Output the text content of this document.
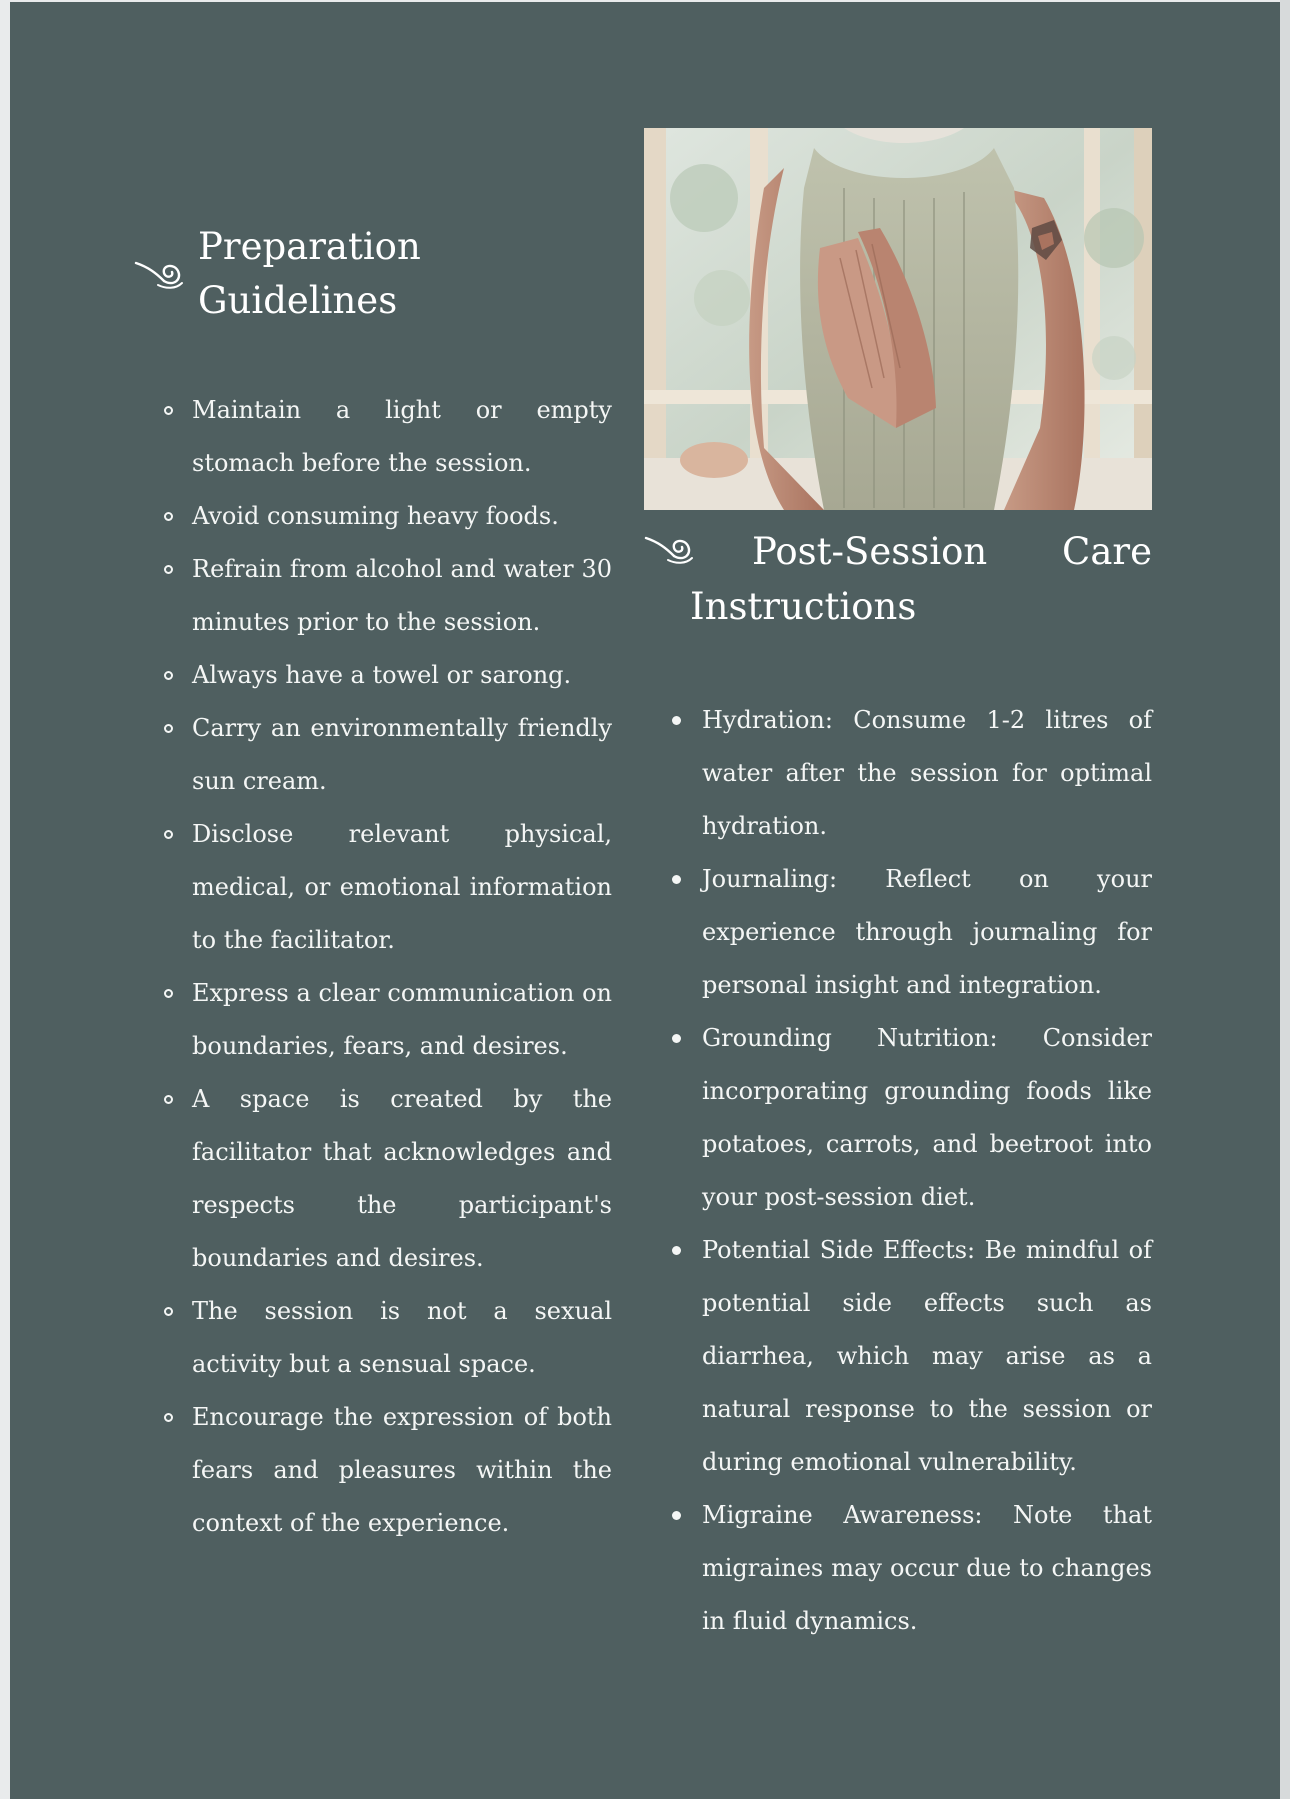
Preparation Guidelines
Maintain a light or empty stomach before the session.
Avoid consuming heavy foods.
Refrain from alcohol and water 30 minutes prior to the session.
Always have a towel or sarong.
Carry an environmentally friendly sun cream.
Disclose relevant physical, medical, or emotional information to the facilitator.
Express a clear communication on boundaries, fears, and desires.
A space is created by the facilitator that acknowledges and respects the participant's boundaries and desires.
The session is not a sexual activity but a sensual space.
Encourage the expression of both fears and pleasures within the context of the experience.
Post-Session Care
Instructions
Hydration: Consume 1-2 litres of water after the session for optimal hydration.
Journaling: Reflect on your experience through journaling for personal insight and integration.
Grounding Nutrition: Consider incorporating grounding foods like potatoes, carrots, and beetroot into your post-session diet.
Potential Side Effects: Be mindful of potential side effects such as diarrhea, which may arise as a natural response to the session or during emotional vulnerability.
Migraine Awareness: Note that migraines may occur due to changes in fluid dynamics.
